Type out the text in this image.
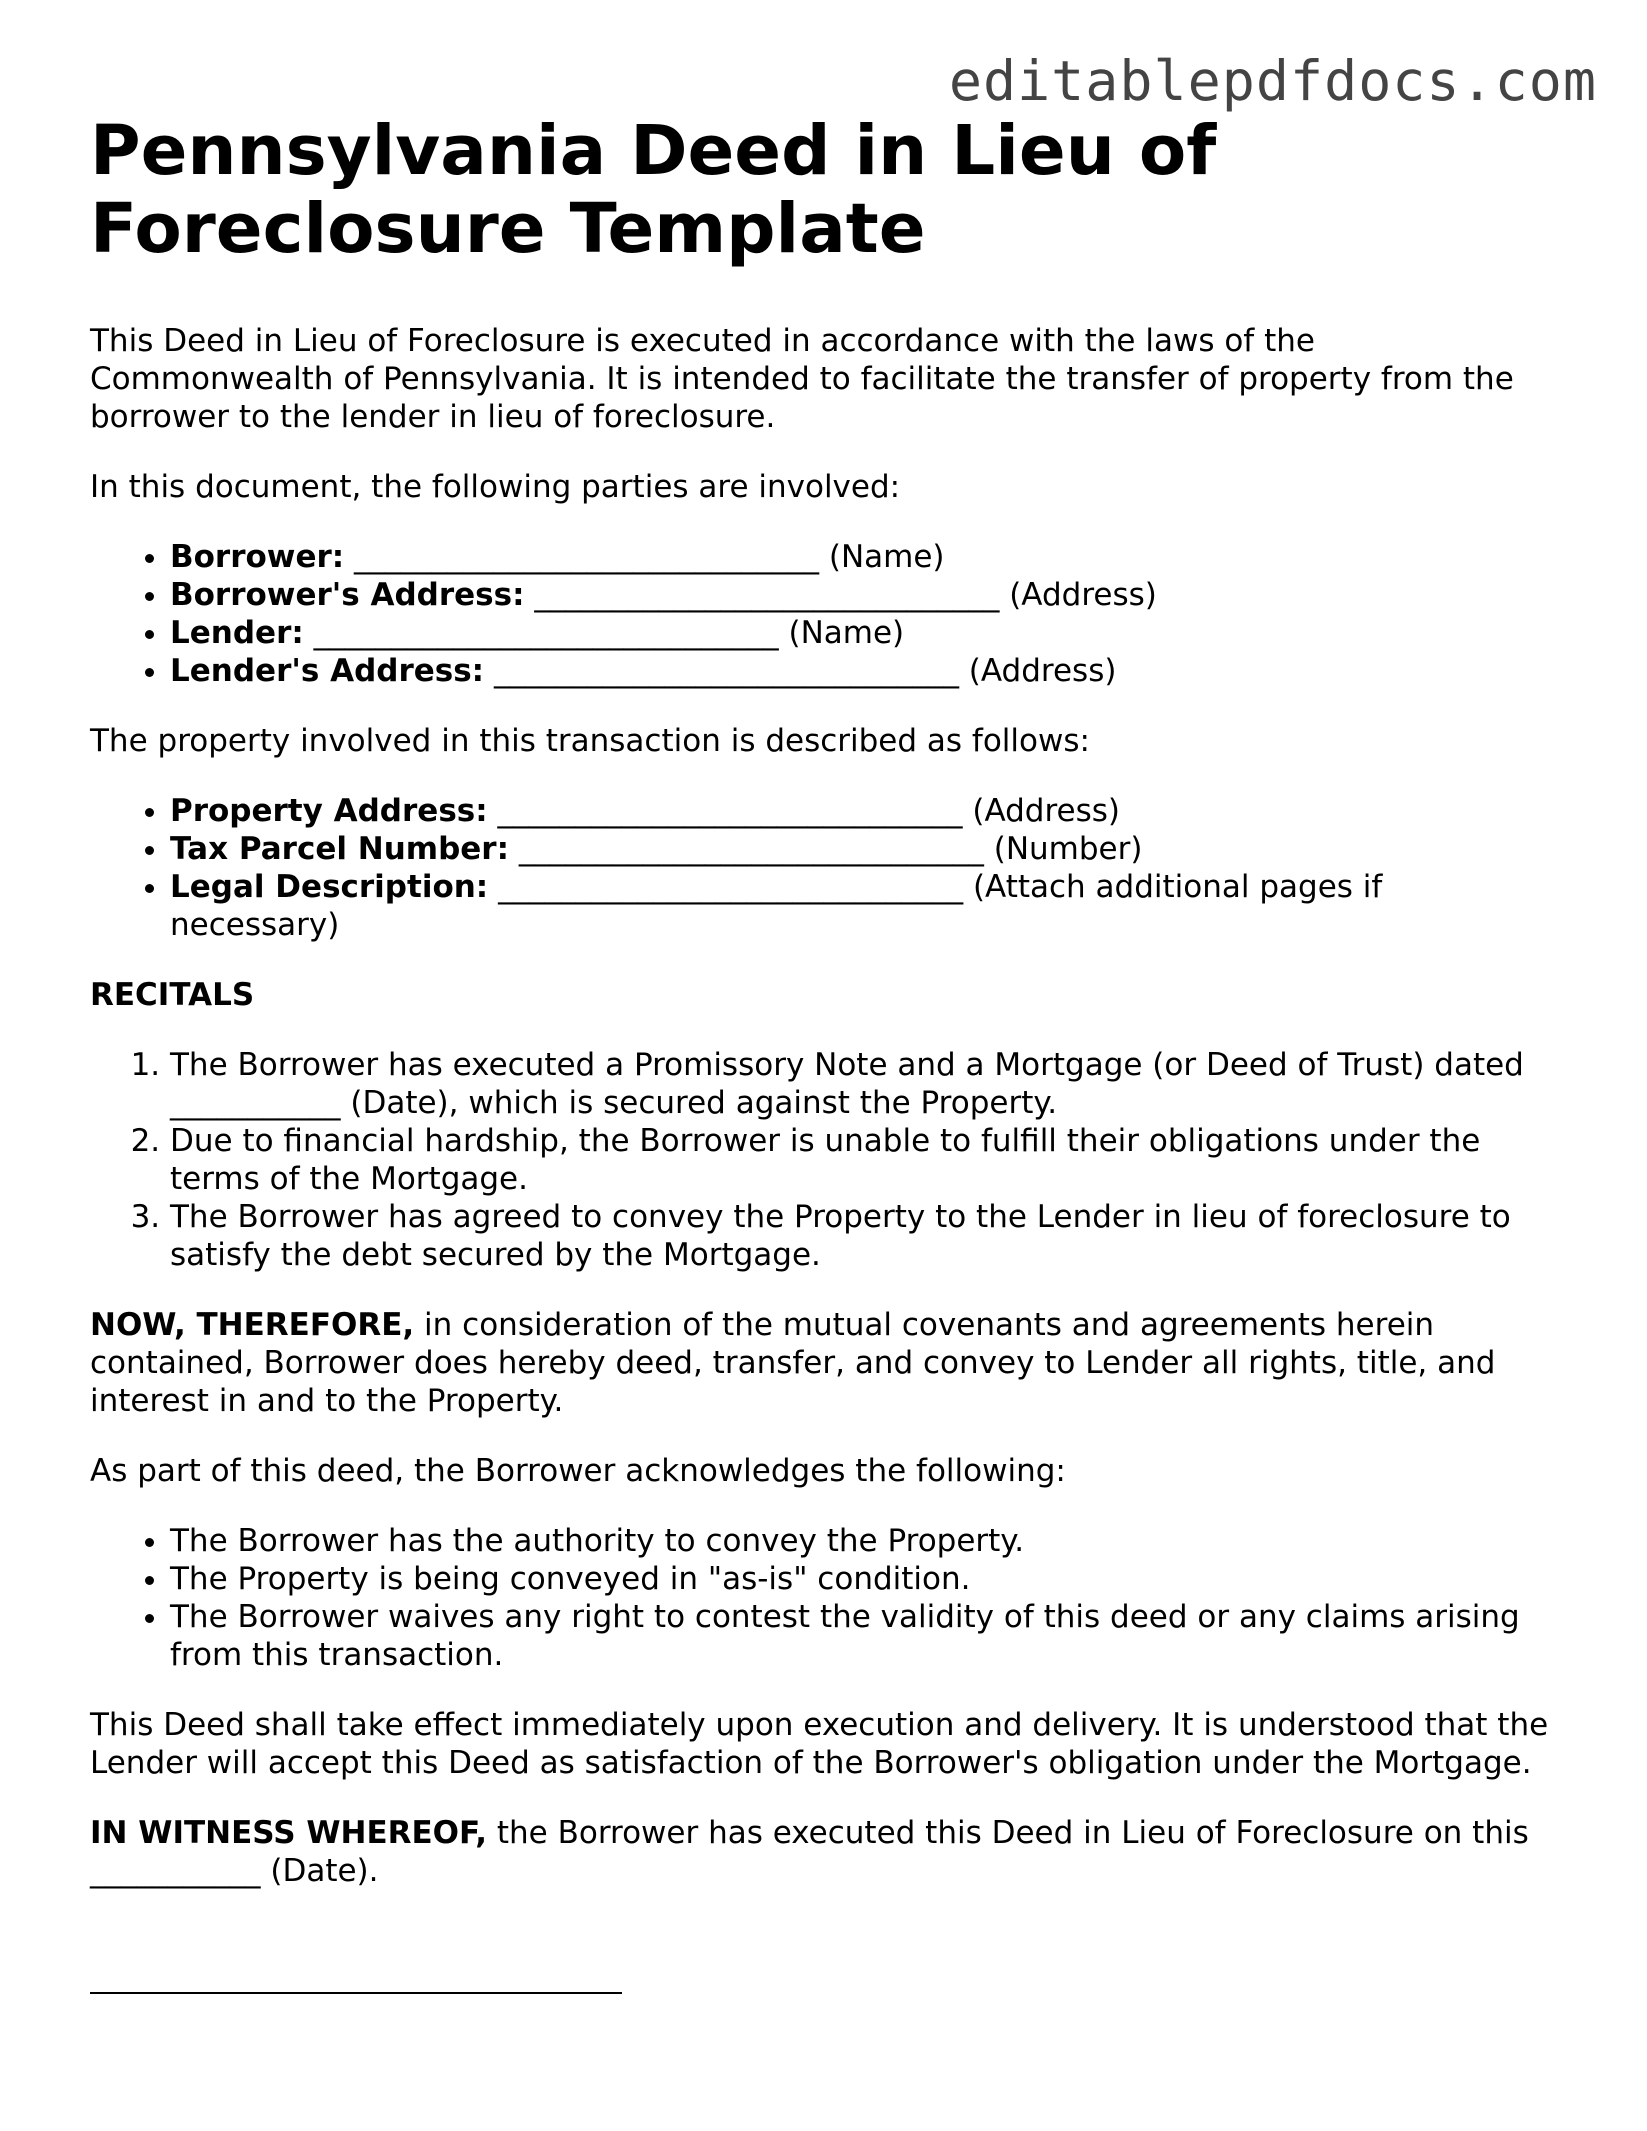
editablepdfdocs.com
Pennsylvania Deed in Lieu of Foreclosure Template

This Deed in Lieu of Foreclosure is executed in accordance with the laws of the Commonwealth of Pennsylvania. It is intended to facilitate the transfer of property from the borrower to the lender in lieu of foreclosure.

In this document, the following parties are involved:

• Borrower: ______________________________ (Name)
• Borrower's Address: ______________________________ (Address)
• Lender: ______________________________ (Name)
• Lender's Address: ______________________________ (Address)

The property involved in this transaction is described as follows:

• Property Address: ______________________________ (Address)
• Tax Parcel Number: ______________________________ (Number)
• Legal Description: ______________________________ (Attach additional pages if necessary)

RECITALS

1. The Borrower has executed a Promissory Note and a Mortgage (or Deed of Trust) dated ___________ (Date), which is secured against the Property.
2. Due to financial hardship, the Borrower is unable to fulfill their obligations under the terms of the Mortgage.
3. The Borrower has agreed to convey the Property to the Lender in lieu of foreclosure to satisfy the debt secured by the Mortgage.

NOW, THEREFORE, in consideration of the mutual covenants and agreements herein contained, Borrower does hereby deed, transfer, and convey to Lender all rights, title, and interest in and to the Property.

As part of this deed, the Borrower acknowledges the following:

• The Borrower has the authority to convey the Property.
• The Property is being conveyed in "as-is" condition.
• The Borrower waives any right to contest the validity of this deed or any claims arising from this transaction.

This Deed shall take effect immediately upon execution and delivery. It is understood that the Lender will accept this Deed as satisfaction of the Borrower's obligation under the Mortgage.

IN WITNESS WHEREOF, the Borrower has executed this Deed in Lieu of Foreclosure on this ___________ (Date).
